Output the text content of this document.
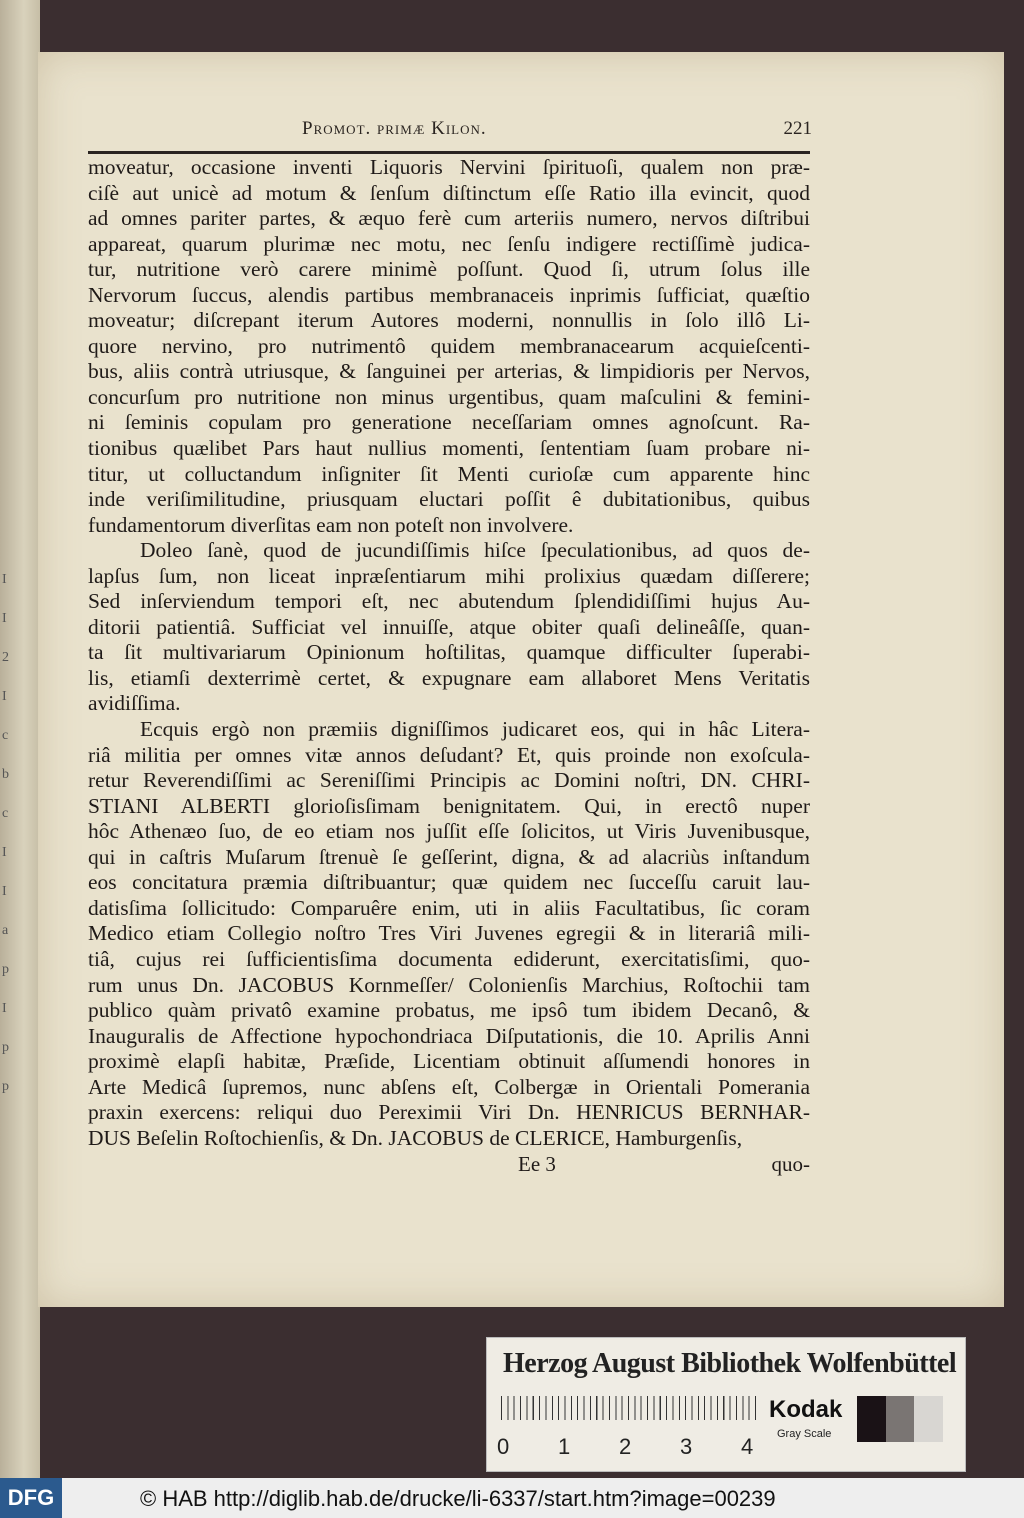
I
I
2
I
c
b
c
I
I
a
p
I
p
p
Promot. primæ Kilon.	221

moveatur, occasione inventi Liquoris Nervini ſpirituoſi, qualem non præ-

ciſè aut unicè ad motum & ſenſum diſtinctum eſſe Ratio illa evincit, quod

ad omnes pariter partes, & æquo ferè cum arteriis numero, nervos diſtribui

appareat, quarum plurimæ nec motu, nec ſenſu indigere rectiſſimè judica-

tur, nutritione verò carere minimè poſſunt. Quod ſi, utrum ſolus ille

Nervorum ſuccus, alendis partibus membranaceis inprimis ſufficiat, quæſtio

moveatur; diſcrepant iterum Autores moderni, nonnullis in ſolo illô Li-

quore nervino, pro nutrimentô quidem membranacearum acquieſcenti-

bus, aliis contrà utriusque, & ſanguinei per arterias, & limpidioris per Nervos,

concurſum pro nutritione non minus urgentibus, quam maſculini & femini-

ni ſeminis copulam pro generatione neceſſariam omnes agnoſcunt. Ra-

tionibus quælibet Pars haut nullius momenti, ſententiam ſuam probare ni-

titur, ut colluctandum inſigniter ſit Menti curioſæ cum apparente hinc

inde veriſimilitudine, priusquam eluctari poſſit ê dubitationibus, quibus

fundamentorum diverſitas eam non poteſt non involvere.

Doleo ſanè, quod de jucundiſſimis hiſce ſpeculationibus, ad quos de-

lapſus ſum, non liceat inpræſentiarum mihi prolixius quædam diſſerere;

Sed inſerviendum tempori eſt, nec abutendum ſplendidiſſimi hujus Au-

ditorii patientiâ. Sufficiat vel innuiſſe, atque obiter quaſi delineâſſe, quan-

ta ſit multivariarum Opinionum hoſtilitas, quamque difficulter ſuperabi-

lis, etiamſi dexterrimè certet, & expugnare eam allaboret Mens Veritatis

avidiſſima.

Ecquis ergò non præmiis digniſſimos judicaret eos, qui in hâc Litera-

riâ militia per omnes vitæ annos deſudant? Et, quis proinde non exoſcula-

retur Reverendiſſimi ac Sereniſſimi Principis ac Domini noſtri, DN. CHRI-

STIANI ALBERTI glorioſisſimam benignitatem. Qui, in erectô nuper

hôc Athenæo ſuo, de eo etiam nos juſſit eſſe ſolicitos, ut Viris Juvenibusque,

qui in caſtris Muſarum ſtrenuè ſe geſſerint, digna, & ad alacriùs inſtandum

eos concitatura præmia diſtribuantur; quæ quidem nec ſucceſſu caruit lau-

datisſima ſollicitudo: Comparuêre enim, uti in aliis Facultatibus, ſic coram

Medico etiam Collegio noſtro Tres Viri Juvenes egregii & in literariâ mili-

tiâ, cujus rei ſufficientisſima documenta ediderunt, exercitatisſimi, quo-

rum unus Dn. JACOBUS Kornmeſſer/ Colonienſis Marchius, Roſtochii tam

publico quàm privatô examine probatus, me ipsô tum ibidem Decanô, &

Inauguralis de Affectione hypochondriaca Diſputationis, die 10. Aprilis Anni

proximè elapſi habitæ, Præſide, Licentiam obtinuit aſſumendi honores in

Arte Medicâ ſupremos, nunc abſens eſt, Colbergæ in Orientali Pomerania

praxin exercens: reliqui duo Pereximii Viri Dn. HENRICUS BERNHAR-

DUS Beſelin Roſtochienſis, & Dn. JACOBUS de CLERICE, Hamburgenſis,

Ee 3	quo-
Herzog August Bibliothek Wolfenbüttel
0 1 2 3 4
Kodak
Gray Scale
DFG	© HAB http://diglib.hab.de/drucke/li-6337/start.htm?image=00239
